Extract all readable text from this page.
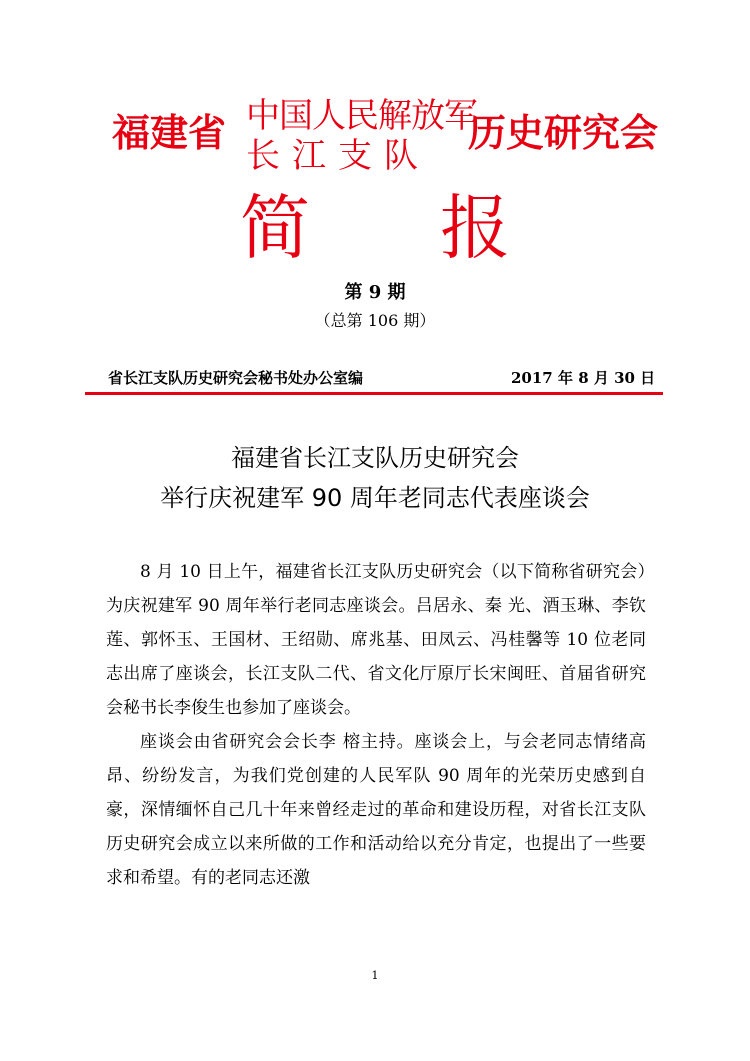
福建省 中国人民解放军
长江支队
历史研究会
简 报
第 9 期
（总第 106 期）
省长江支队历史研究会秘书处办公室编	2017 年 8 月 30 日
福建省长江支队历史研究会
举行庆祝建军 90 周年老同志代表座谈会

8 月 10 日上午，福建省长江支队历史研究会（以下简称省研究会）为庆祝建军 90 周年举行老同志座谈会。吕居永、秦 光、酒玉琳、李钦莲、郭怀玉、王国材、王绍勋、席兆基、田凤云、冯桂馨等 10 位老同志出席了座谈会，长江支队二代、省文化厅原厅长宋闽旺、首届省研究会秘书长李俊生也参加了座谈会。

座谈会由省研究会会长李 榕主持。座谈会上，与会老同志情绪高昂、纷纷发言，为我们党创建的人民军队 90 周年的光荣历史感到自豪，深情缅怀自己几十年来曾经走过的革命和建设历程，对省长江支队历史研究会成立以来所做的工作和活动给以充分肯定，也提出了一些要求和希望。有的老同志还激

1
